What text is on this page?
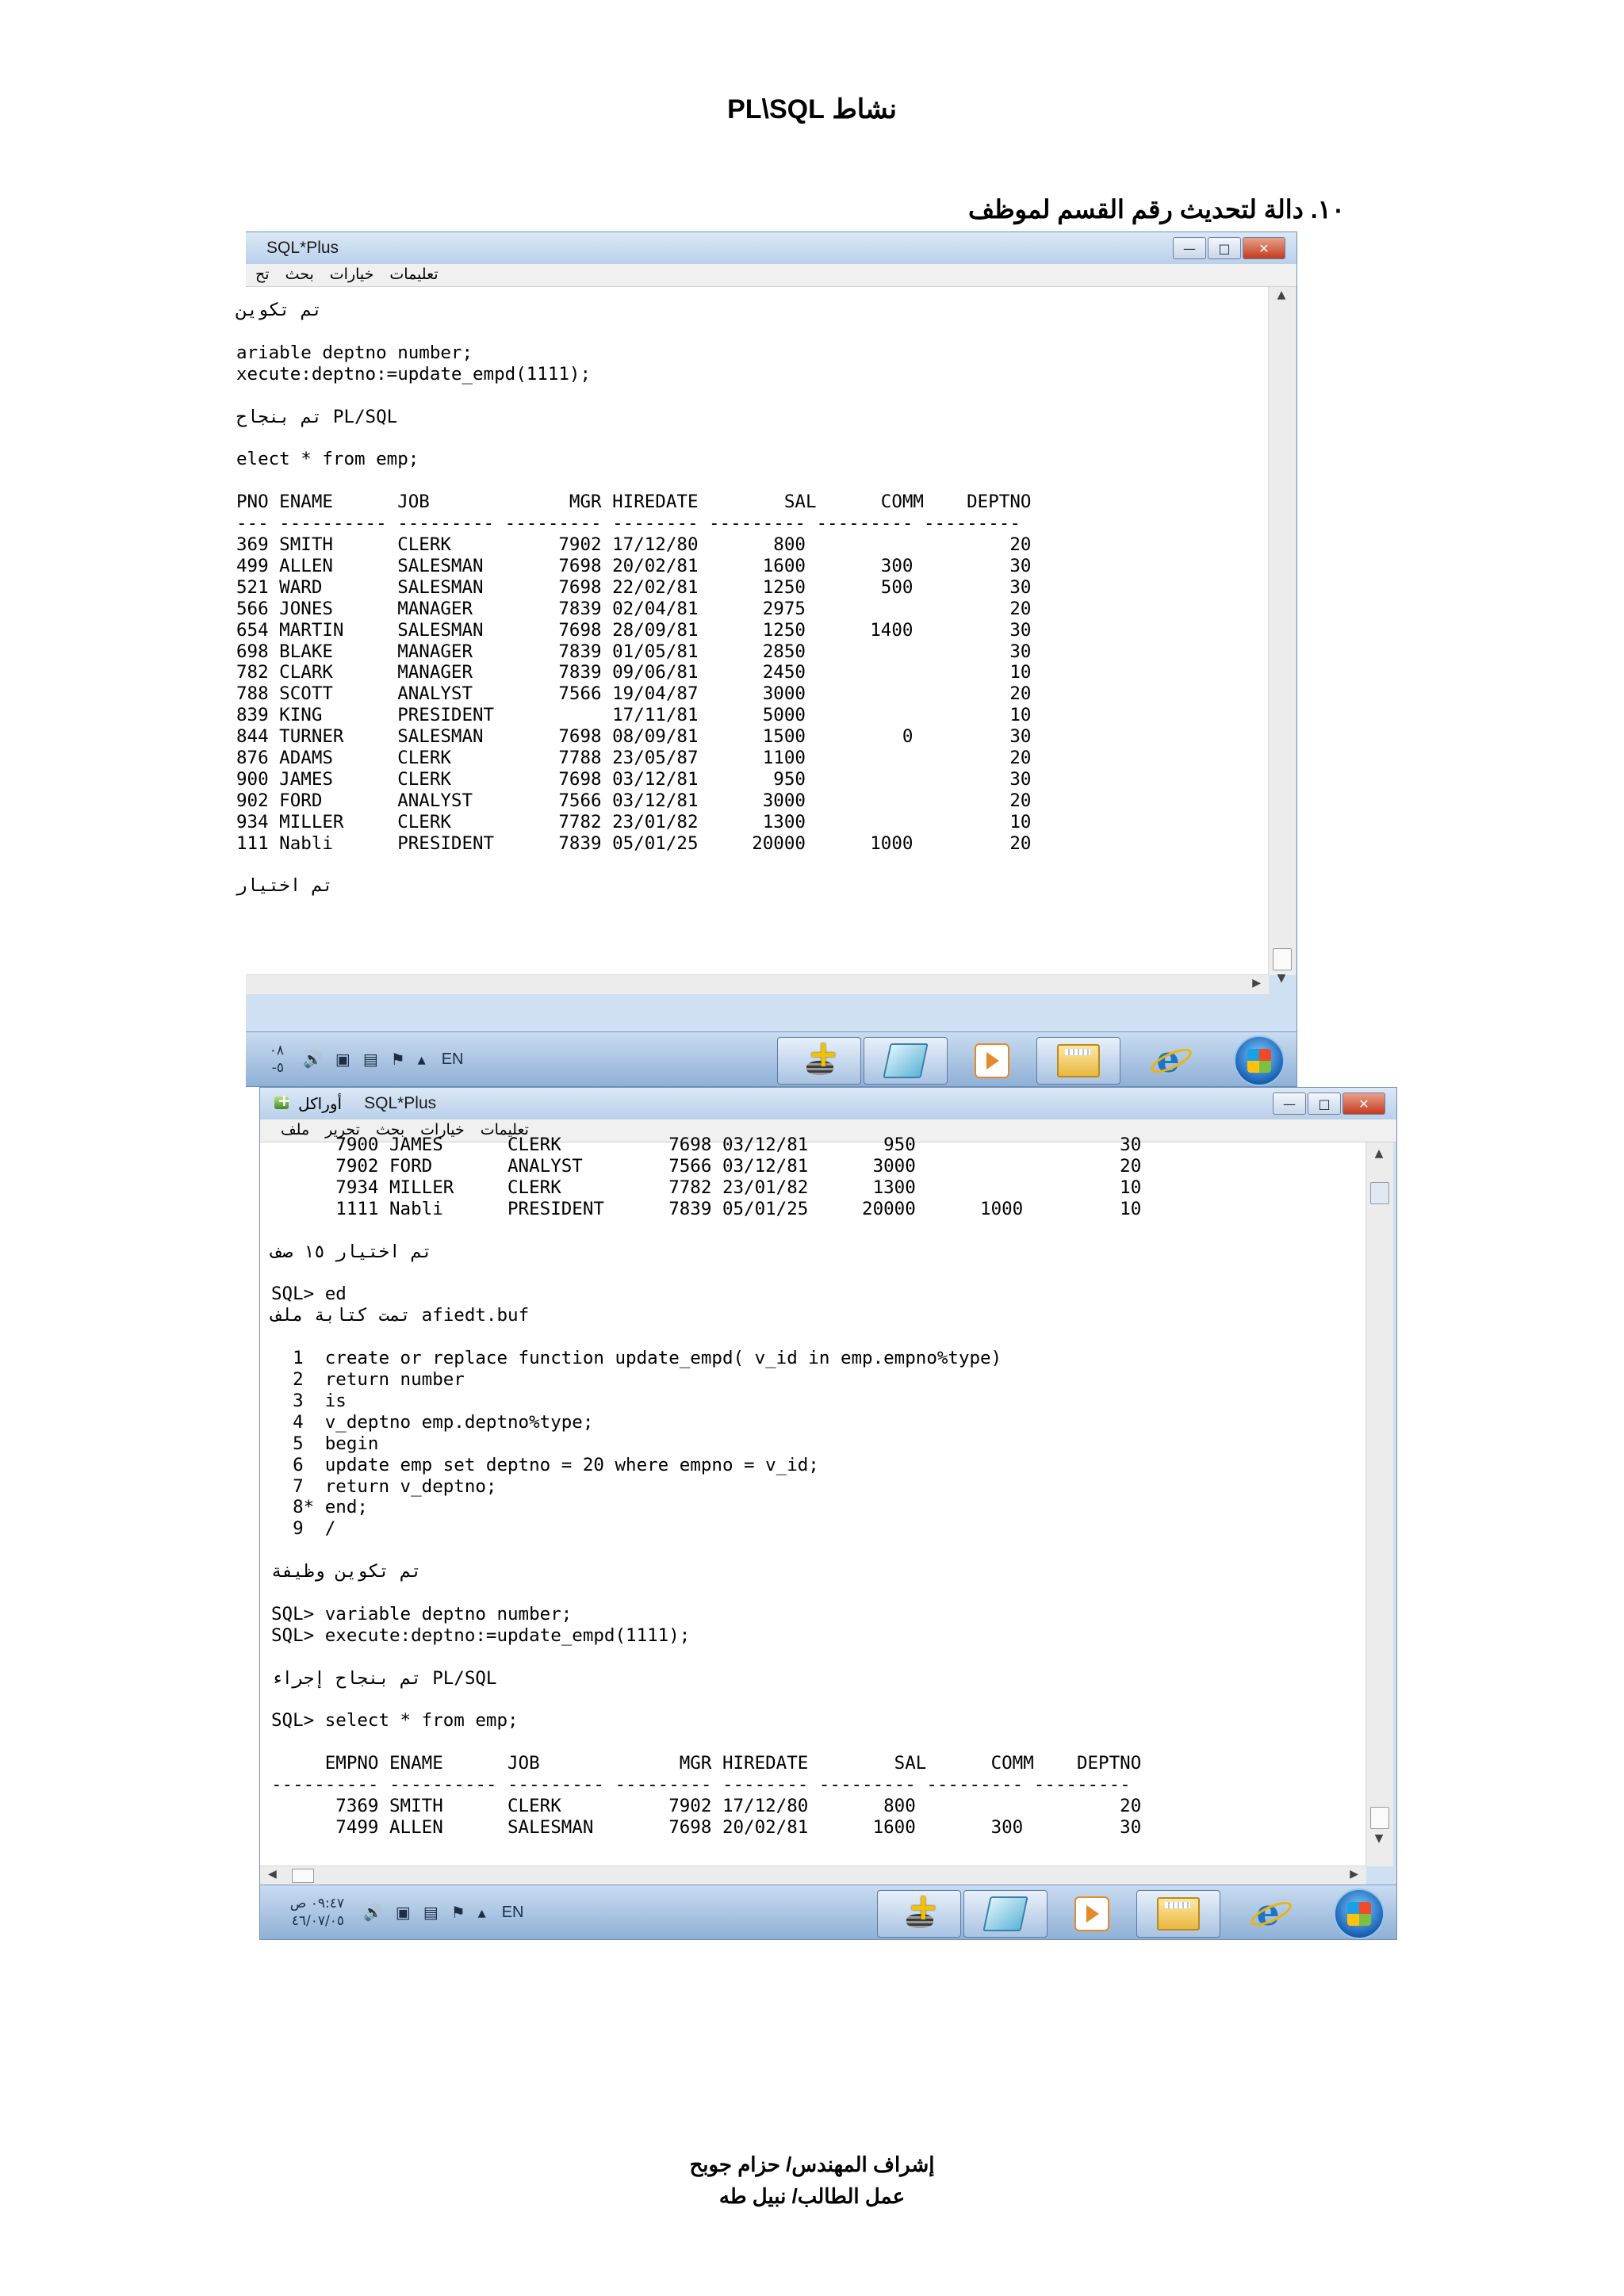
نشاط PL\SQL
١٠. دالة لتحديث رقم القسم لموظف
SQL*Plus	—	□	✕
تعليمات
خيارات
بحث
تح
تم تكوين

ariable deptno number;
xecute:deptno:=update_empd(1111);

تم بنجاح PL/SQL

elect * from emp;

PNO ENAME      JOB             MGR HIREDATE        SAL      COMM    DEPTNO
--- ---------- --------- --------- -------- --------- --------- ---------
369 SMITH      CLERK          7902 17/12/80       800                   20
499 ALLEN      SALESMAN       7698 20/02/81      1600       300         30
521 WARD       SALESMAN       7698 22/02/81      1250       500         30
566 JONES      MANAGER        7839 02/04/81      2975                   20
654 MARTIN     SALESMAN       7698 28/09/81      1250      1400         30
698 BLAKE      MANAGER        7839 01/05/81      2850                   30
782 CLARK      MANAGER        7839 09/06/81      2450                   10
788 SCOTT      ANALYST        7566 19/04/87      3000                   20
839 KING       PRESIDENT           17/11/81      5000                   10
844 TURNER     SALESMAN       7698 08/09/81      1500         0         30
876 ADAMS      CLERK          7788 23/05/87      1100                   20
900 JAMES      CLERK          7698 03/12/81       950                   30
902 FORD       ANALYST        7566 03/12/81      3000                   20
934 MILLER     CLERK          7782 23/01/82      1300                   10
111 Nabli      PRESIDENT      7839 05/01/25     20000      1000         20

تم اختيار
▲
▼
▶
٠٨
-٥ 🔊 ▣ ▤ ⚑ ▴ EN +	e
+
أوراكل SQL*Plus	—	□	✕
ملف	تحرير	بحث	خيارات	تعليمات
7900 JAMES      CLERK          7698 03/12/81       950                   30
7902 FORD       ANALYST        7566 03/12/81      3000                   20
7934 MILLER     CLERK          7782 23/01/82      1300                   10
1111 Nabli      PRESIDENT      7839 05/01/25     20000      1000         10

تم اختيار ١٥ صف

SQL> ed
تمت كتابة ملف afiedt.buf

1  create or replace function update_empd( v_id in emp.empno%type)
2  return number
3  is
4  v_deptno emp.deptno%type;
5  begin
6  update emp set deptno = 20 where empno = v_id;
7  return v_deptno;
8* end;
9  /

تم تكوين وظيفة

SQL> variable deptno number;
SQL> execute:deptno:=update_empd(1111);

تم بنجاح إجراء PL/SQL

SQL> select * from emp;

EMPNO ENAME      JOB             MGR HIREDATE        SAL      COMM    DEPTNO
---------- ---------- --------- --------- -------- --------- --------- ---------
7369 SMITH      CLERK          7902 17/12/80       800                   20
7499 ALLEN      SALESMAN       7698 20/02/81      1600       300         30
▲
▼
◀	▶
٠٩:٤٧ ص
٤٦/٠٧/٠٥ 🔊 ▣ ▤ ⚑ ▴ EN +	e
إشراف المهندس/ حزام جوبح
عمل الطالب/ نبيل طه
